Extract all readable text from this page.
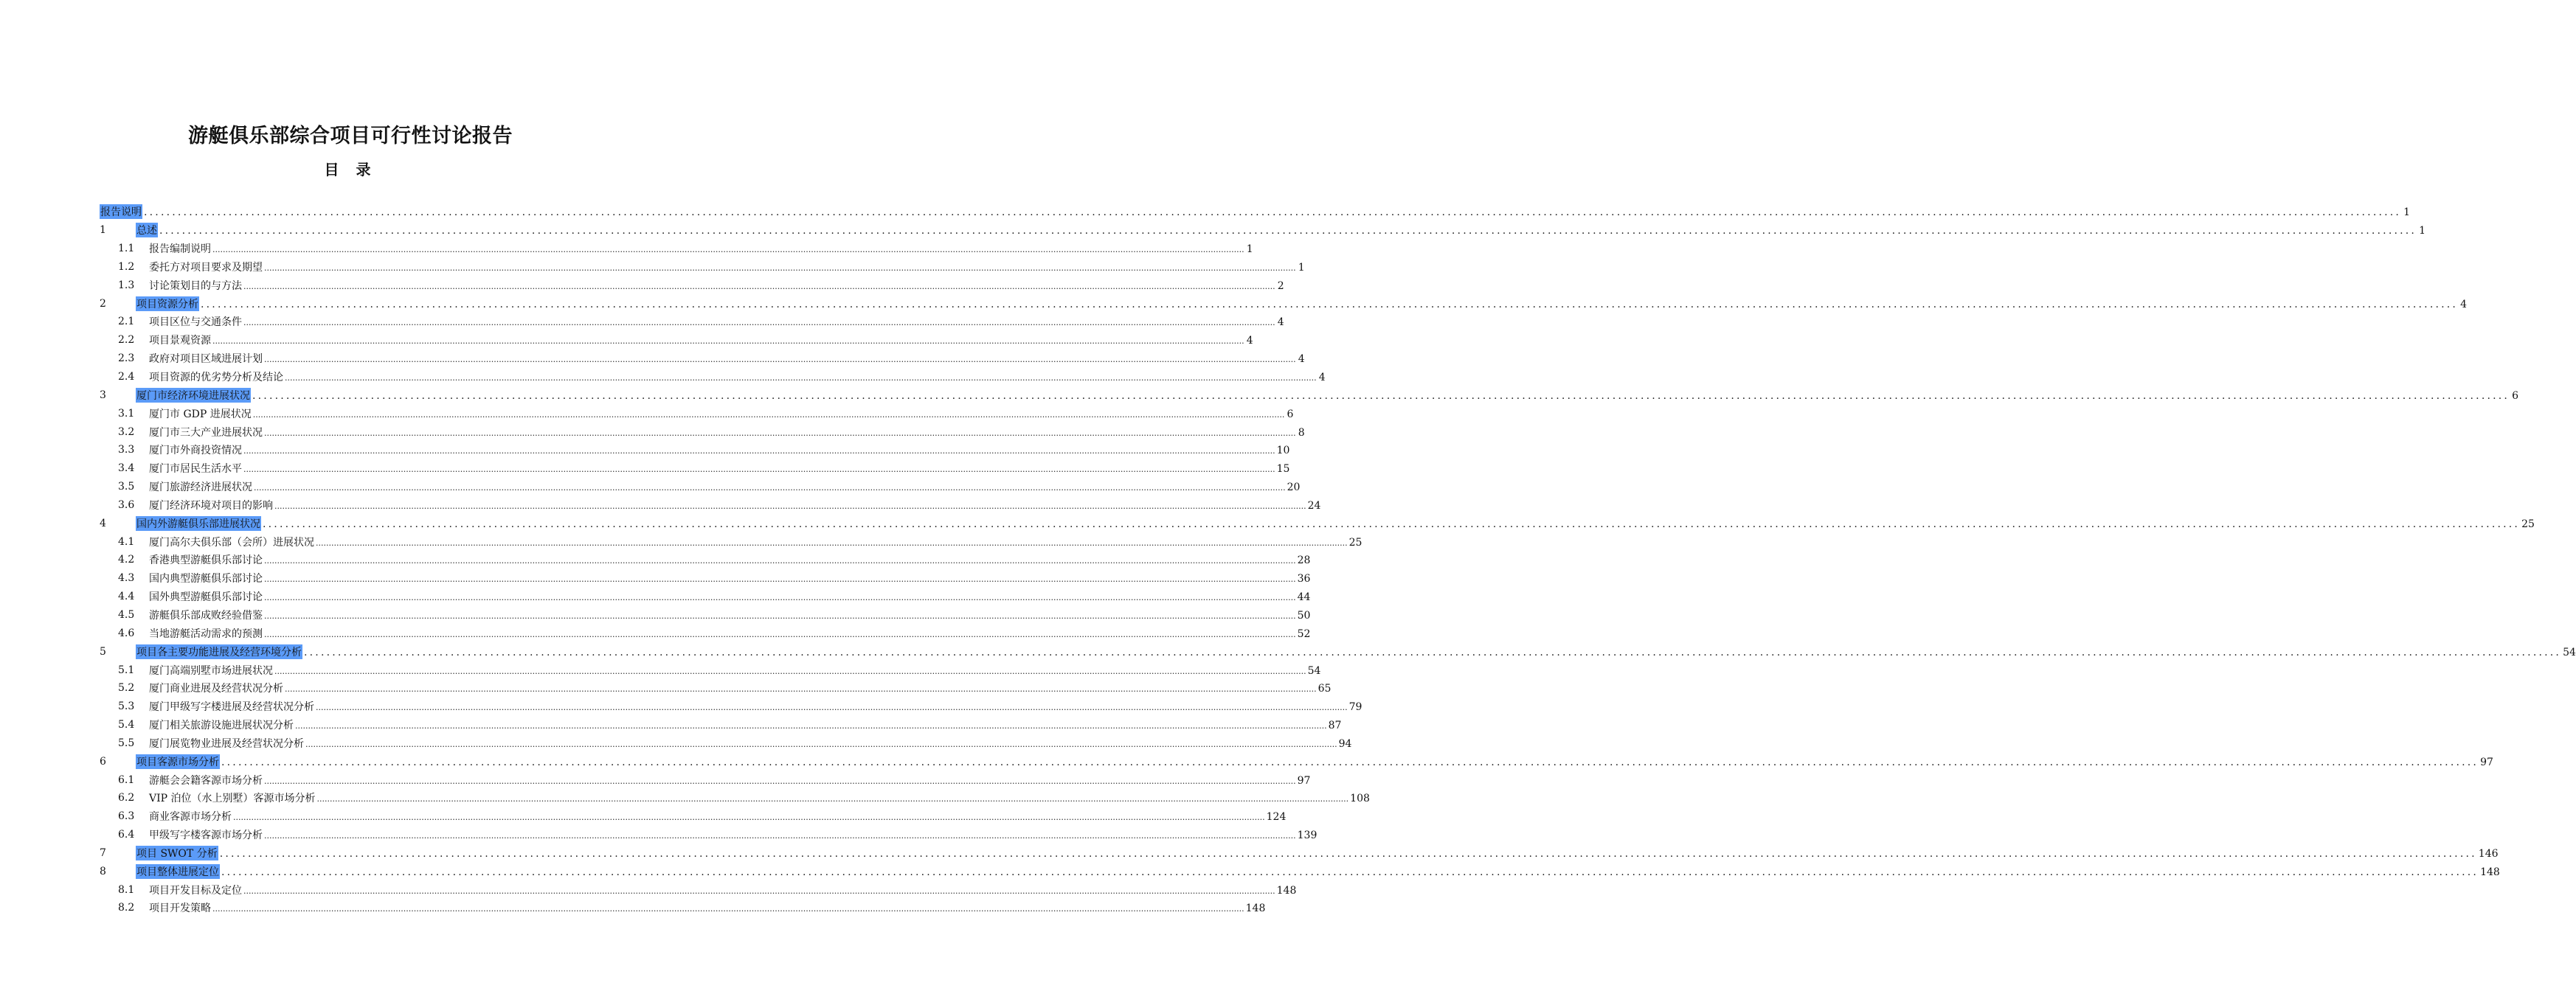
游艇俱乐部综合项目可行性讨论报告
目 录
报告说明 ................................................................................................................................................................................................................................................................................................................................................................................................................ 1
1	总述 ................................................................................................................................................................................................................................................................................................................................................................................................................ 1
1.1 报告编制说明 ................................................................................................................................................................................................................................................................................................................................................................................................................ 1
1.2 委托方对项目要求及期望 ................................................................................................................................................................................................................................................................................................................................................................................................................ 1
1.3 讨论策划目的与方法 ................................................................................................................................................................................................................................................................................................................................................................................................................ 2
2	项目资源分析 ................................................................................................................................................................................................................................................................................................................................................................................................................ 4
2.1 项目区位与交通条件 ................................................................................................................................................................................................................................................................................................................................................................................................................ 4
2.2 项目景观资源 ................................................................................................................................................................................................................................................................................................................................................................................................................ 4
2.3 政府对项目区域进展计划 ................................................................................................................................................................................................................................................................................................................................................................................................................ 4
2.4 项目资源的优劣势分析及结论 ................................................................................................................................................................................................................................................................................................................................................................................................................ 4
3	厦门市经济环境进展状况 ................................................................................................................................................................................................................................................................................................................................................................................................................ 6
3.1 厦门市 GDP 进展状况 ................................................................................................................................................................................................................................................................................................................................................................................................................ 6
3.2 厦门市三大产业进展状况 ................................................................................................................................................................................................................................................................................................................................................................................................................ 8
3.3 厦门市外商投资情况 ................................................................................................................................................................................................................................................................................................................................................................................................................ 10
3.4 厦门市居民生活水平 ................................................................................................................................................................................................................................................................................................................................................................................................................ 15
3.5 厦门旅游经济进展状况 ................................................................................................................................................................................................................................................................................................................................................................................................................ 20
3.6 厦门经济环境对项目的影响 ................................................................................................................................................................................................................................................................................................................................................................................................................ 24
4	国内外游艇俱乐部进展状况 ................................................................................................................................................................................................................................................................................................................................................................................................................ 25
4.1 厦门高尔夫俱乐部（会所）进展状况 ................................................................................................................................................................................................................................................................................................................................................................................................................ 25
4.2 香港典型游艇俱乐部讨论 ................................................................................................................................................................................................................................................................................................................................................................................................................ 28
4.3 国内典型游艇俱乐部讨论 ................................................................................................................................................................................................................................................................................................................................................................................................................ 36
4.4 国外典型游艇俱乐部讨论 ................................................................................................................................................................................................................................................................................................................................................................................................................ 44
4.5 游艇俱乐部成败经验借鉴 ................................................................................................................................................................................................................................................................................................................................................................................................................ 50
4.6 当地游艇活动需求的预测 ................................................................................................................................................................................................................................................................................................................................................................................................................ 52
5	项目各主要功能进展及经营环境分析 ................................................................................................................................................................................................................................................................................................................................................................................................................ 54
5.1 厦门高端别墅市场进展状况 ................................................................................................................................................................................................................................................................................................................................................................................................................ 54
5.2 厦门商业进展及经营状况分析 ................................................................................................................................................................................................................................................................................................................................................................................................................ 65
5.3 厦门甲级写字楼进展及经营状况分析 ................................................................................................................................................................................................................................................................................................................................................................................................................ 79
5.4 厦门相关旅游设施进展状况分析 ................................................................................................................................................................................................................................................................................................................................................................................................................ 87
5.5 厦门展览物业进展及经营状况分析 ................................................................................................................................................................................................................................................................................................................................................................................................................ 94
6	项目客源市场分析 ................................................................................................................................................................................................................................................................................................................................................................................................................ 97
6.1 游艇会会籍客源市场分析 ................................................................................................................................................................................................................................................................................................................................................................................................................ 97
6.2 VIP 泊位（水上别墅）客源市场分析 ................................................................................................................................................................................................................................................................................................................................................................................................................ 108
6.3 商业客源市场分析 ................................................................................................................................................................................................................................................................................................................................................................................................................ 124
6.4 甲级写字楼客源市场分析 ................................................................................................................................................................................................................................................................................................................................................................................................................ 139
7	项目 SWOT 分析 ................................................................................................................................................................................................................................................................................................................................................................................................................ 146
8	项目整体进展定位 ................................................................................................................................................................................................................................................................................................................................................................................................................ 148
8.1 项目开发目标及定位 ................................................................................................................................................................................................................................................................................................................................................................................................................ 148
8.2 项目开发策略 ................................................................................................................................................................................................................................................................................................................................................................................................................ 148
